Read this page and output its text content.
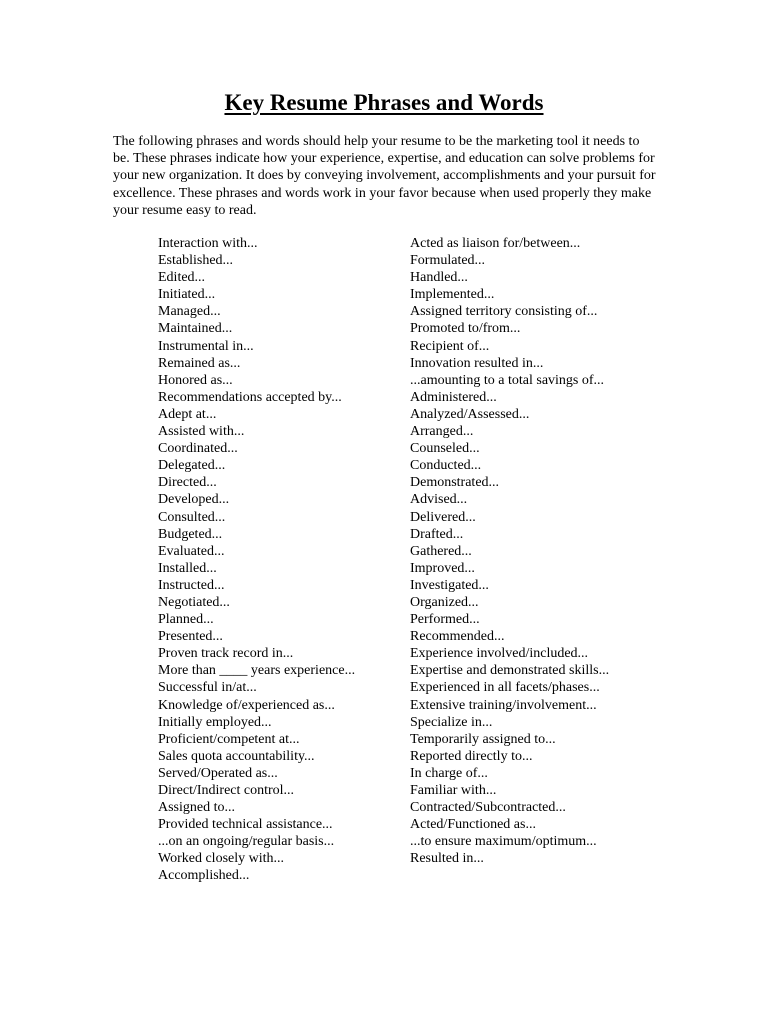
Key Resume Phrases and Words

The following phrases and words should help your resume to be the marketing tool it needs to be. These phrases indicate how your experience, expertise, and education can solve problems for your new organization. It does by conveying involvement, accomplishments and your pursuit for excellence. These phrases and words work in your favor because when used properly they make your resume easy to read.

Interaction with...
Established...
Edited...
Initiated...
Managed...
Maintained...
Instrumental in...
Remained as...
Honored as...
Recommendations accepted by...
Adept at...
Assisted with...
Coordinated...
Delegated...
Directed...
Developed...
Consulted...
Budgeted...
Evaluated...
Installed...
Instructed...
Negotiated...
Planned...
Presented...
Proven track record in...
More than ____ years experience...
Successful in/at...
Knowledge of/experienced as...
Initially employed...
Proficient/competent at...
Sales quota accountability...
Served/Operated as...
Direct/Indirect control...
Assigned to...
Provided technical assistance...
...on an ongoing/regular basis...
Worked closely with...
Accomplished...
Acted as liaison for/between...
Formulated...
Handled...
Implemented...
Assigned territory consisting of...
Promoted to/from...
Recipient of...
Innovation resulted in...
...amounting to a total savings of...
Administered...
Analyzed/Assessed...
Arranged...
Counseled...
Conducted...
Demonstrated...
Advised...
Delivered...
Drafted...
Gathered...
Improved...
Investigated...
Organized...
Performed...
Recommended...
Experience involved/included...
Expertise and demonstrated skills...
Experienced in all facets/phases...
Extensive training/involvement...
Specialize in...
Temporarily assigned to...
Reported directly to...
In charge of...
Familiar with...
Contracted/Subcontracted...
Acted/Functioned as...
...to ensure maximum/optimum...
Resulted in...
